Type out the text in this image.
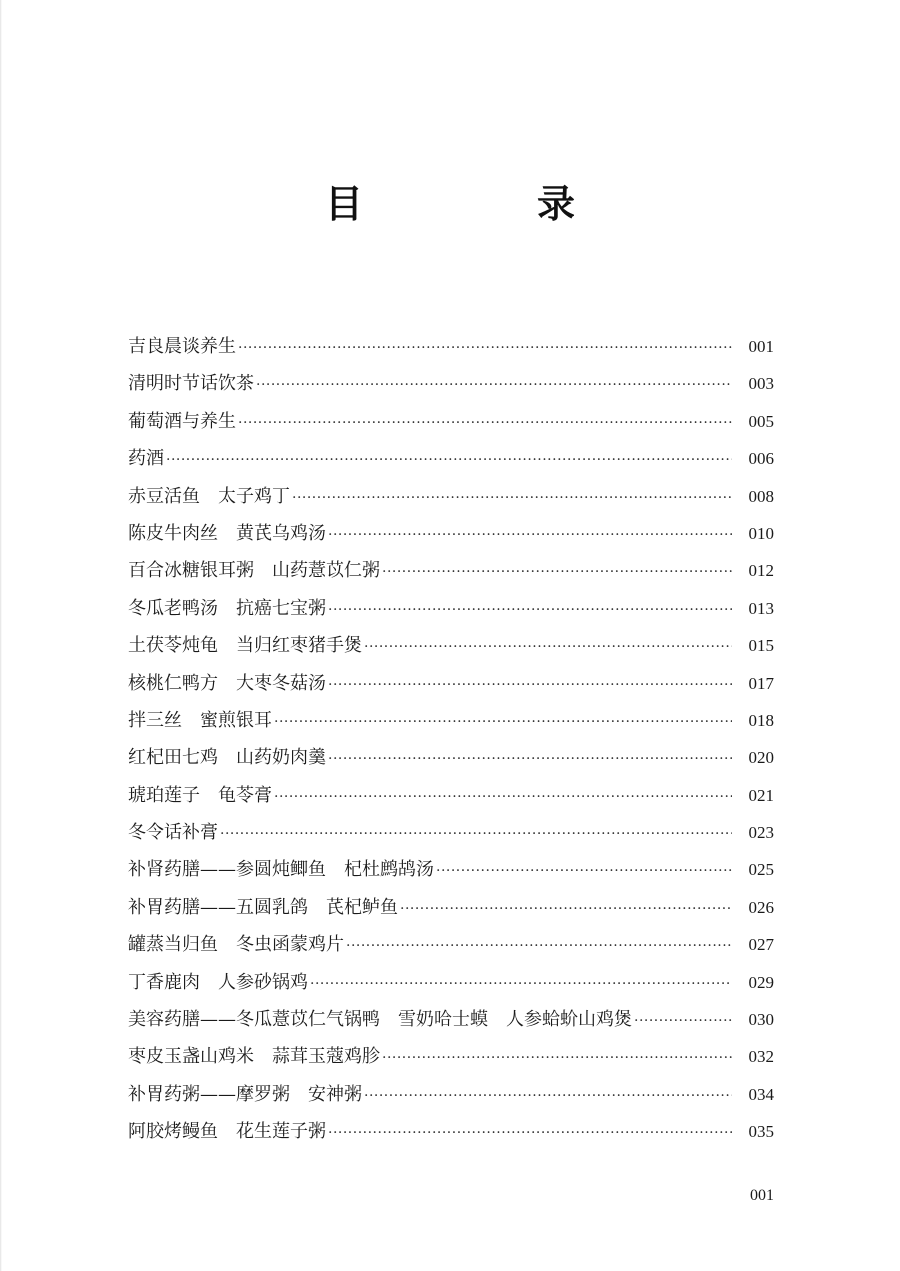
目　录
吉良晨谈养生 ·····	001
清明时节话饮茶 ·····	003
葡萄酒与养生 ·····	005
药酒 ·····	006
赤豆活鱼　太子鸡丁 ·····	008
陈皮牛肉丝　黄芪乌鸡汤 ·····	010
百合冰糖银耳粥　山药薏苡仁粥 ·····	012
冬瓜老鸭汤　抗癌七宝粥 ·····	013
土茯苓炖龟　当归红枣猪手煲 ·····	015
核桃仁鸭方　大枣冬菇汤 ·····	017
拌三丝　蜜煎银耳 ·····	018
红杞田七鸡　山药奶肉羹 ·····	020
琥珀莲子　龟苓膏 ·····	021
冬令话补膏 ·····	023
补肾药膳——参圆炖鲫鱼　杞杜鹧鸪汤 ·····	025
补胃药膳——五圆乳鸽　芪杞鲈鱼 ·····	026
罐蒸当归鱼　冬虫函蒙鸡片 ·····	027
丁香鹿肉　人参砂锅鸡 ·····	029
美容药膳——冬瓜薏苡仁气锅鸭　雪奶哈士蟆　人参蛤蚧山鸡煲 ·····	030
枣皮玉盏山鸡米　蒜茸玉蔻鸡胗 ·····	032
补胃药粥——摩罗粥　安神粥 ·····	034
阿胶烤鳗鱼　花生莲子粥 ·····	035
001
